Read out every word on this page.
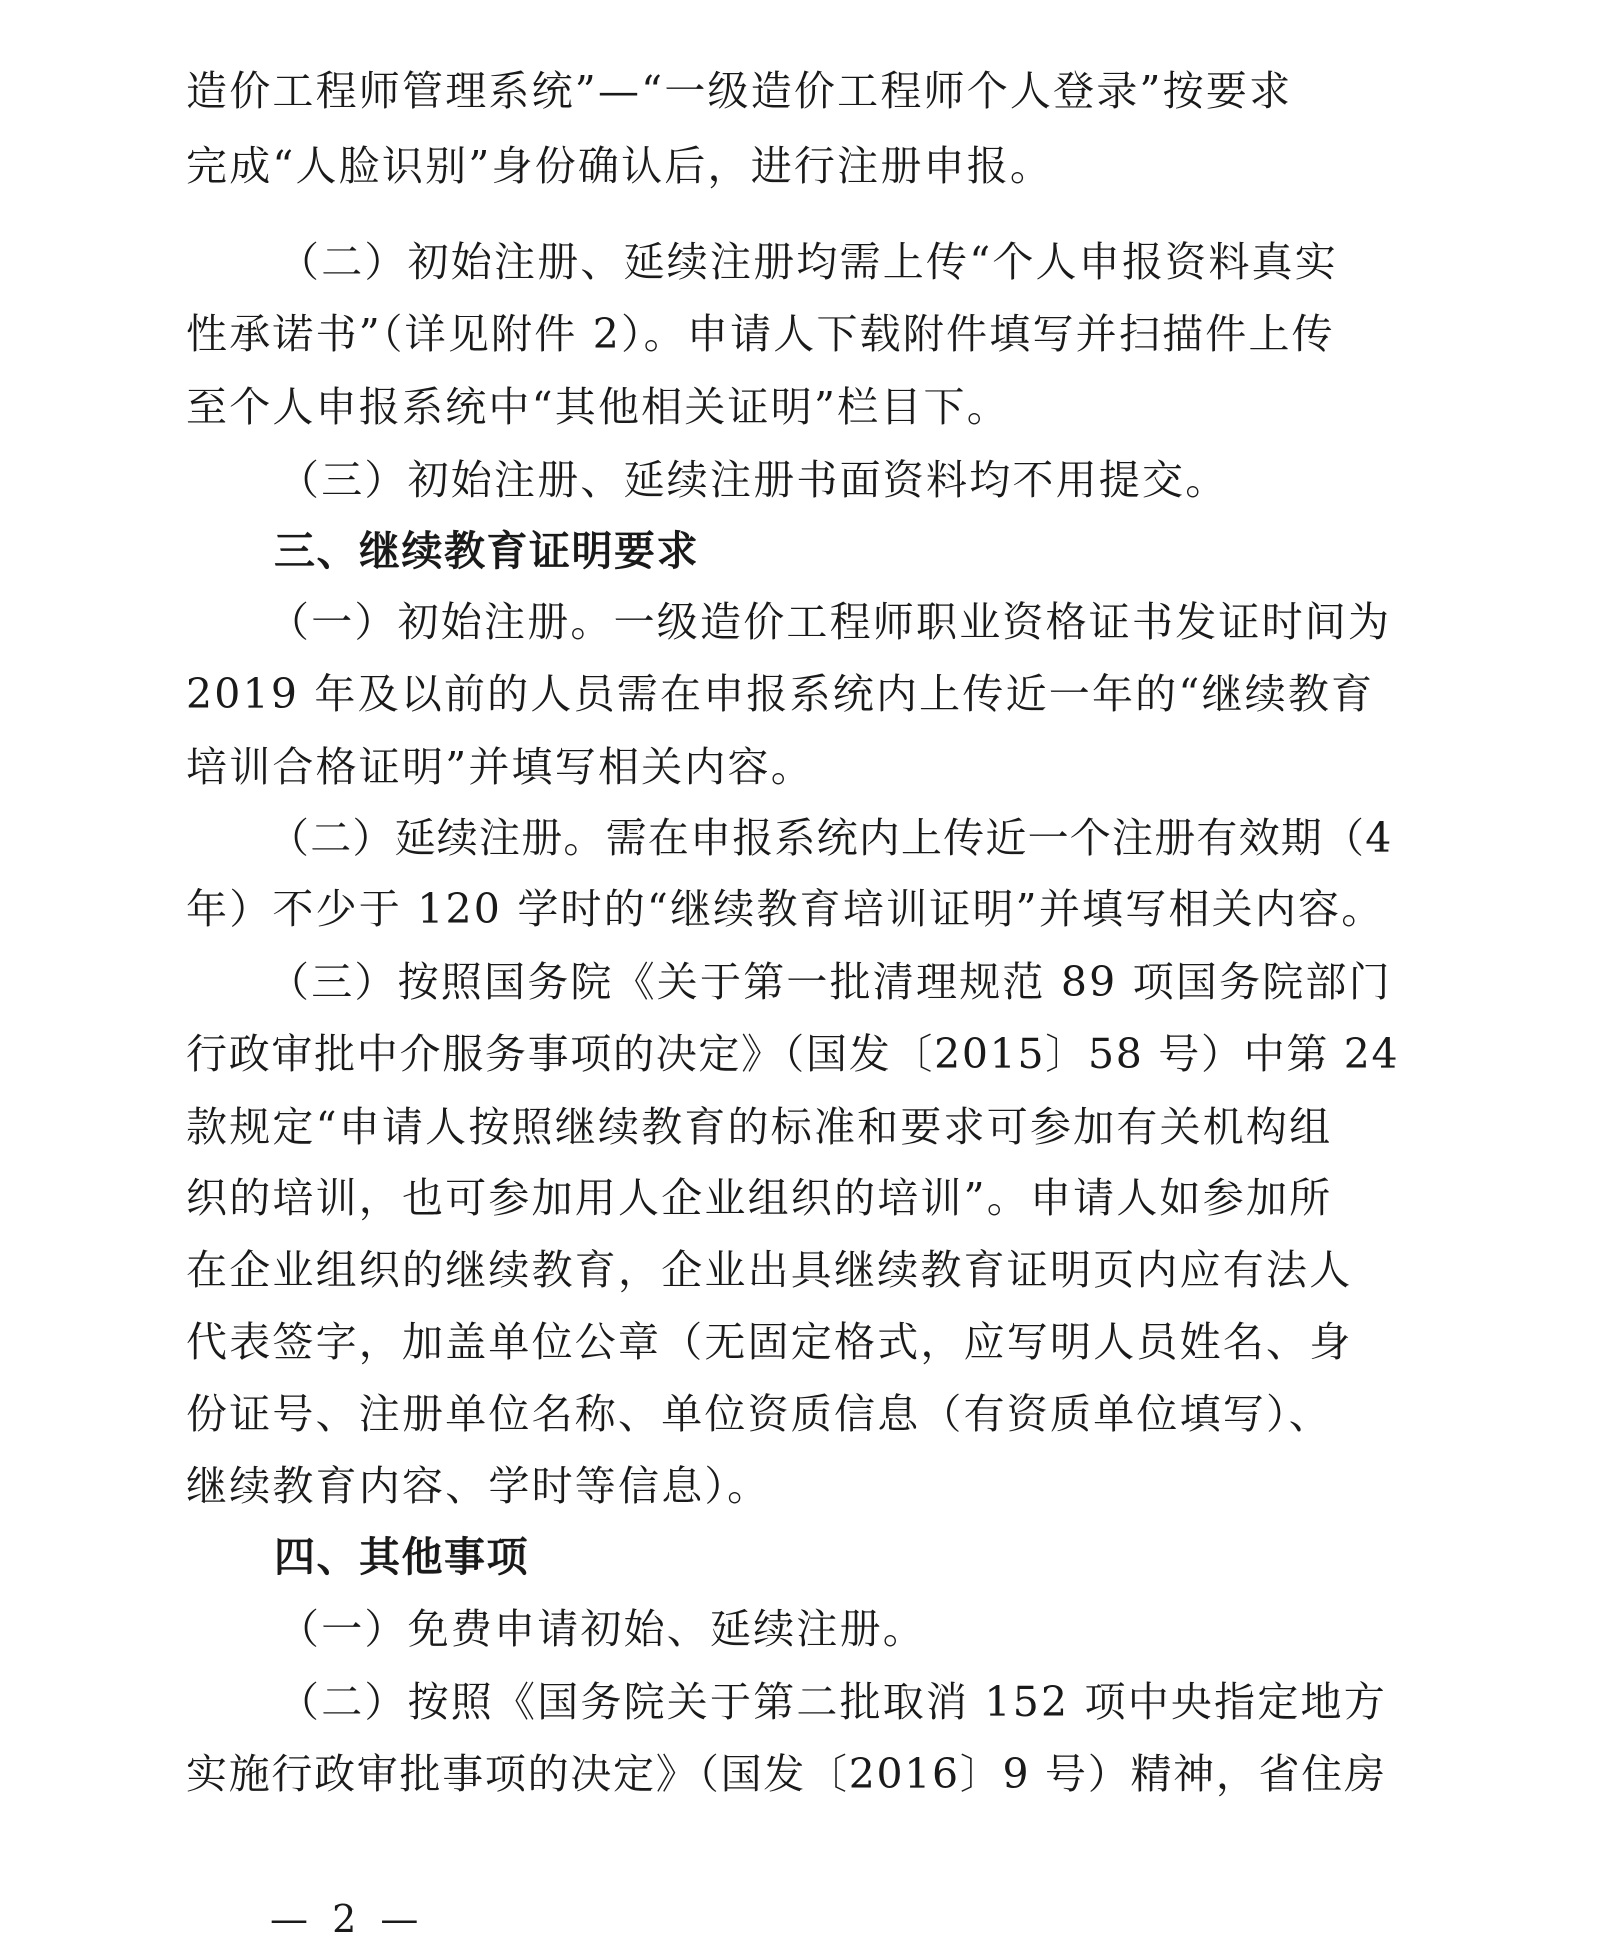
造价工程师管理系统”—“一级造价工程师个人登录”按要求
完成“人脸识别”身份确认后，进行注册申报。
（二）初始注册、延续注册均需上传“个人申报资料真实
性承诺书”（详见附件 2）。申请人下载附件填写并扫描件上传
至个人申报系统中“其他相关证明”栏目下。
（三）初始注册、延续注册书面资料均不用提交。
三、继续教育证明要求
（一）初始注册。一级造价工程师职业资格证书发证时间为
2019 年及以前的人员需在申报系统内上传近一年的“继续教育
培训合格证明”并填写相关内容。
（二）延续注册。需在申报系统内上传近一个注册有效期（4
年）不少于 120 学时的“继续教育培训证明”并填写相关内容。
（三）按照国务院《关于第一批清理规范 89 项国务院部门
行政审批中介服务事项的决定》（国发〔2015〕58 号）中第 24
款规定“申请人按照继续教育的标准和要求可参加有关机构组
织的培训，也可参加用人企业组织的培训”。申请人如参加所
在企业组织的继续教育，企业出具继续教育证明页内应有法人
代表签字，加盖单位公章（无固定格式，应写明人员姓名、身
份证号、注册单位名称、单位资质信息（有资质单位填写）、
继续教育内容、学时等信息）。
四、其他事项
（一）免费申请初始、延续注册。
（二）按照《国务院关于第二批取消 152 项中央指定地方
实施行政审批事项的决定》（国发〔2016〕9 号）精神，省住房
— 2 —
